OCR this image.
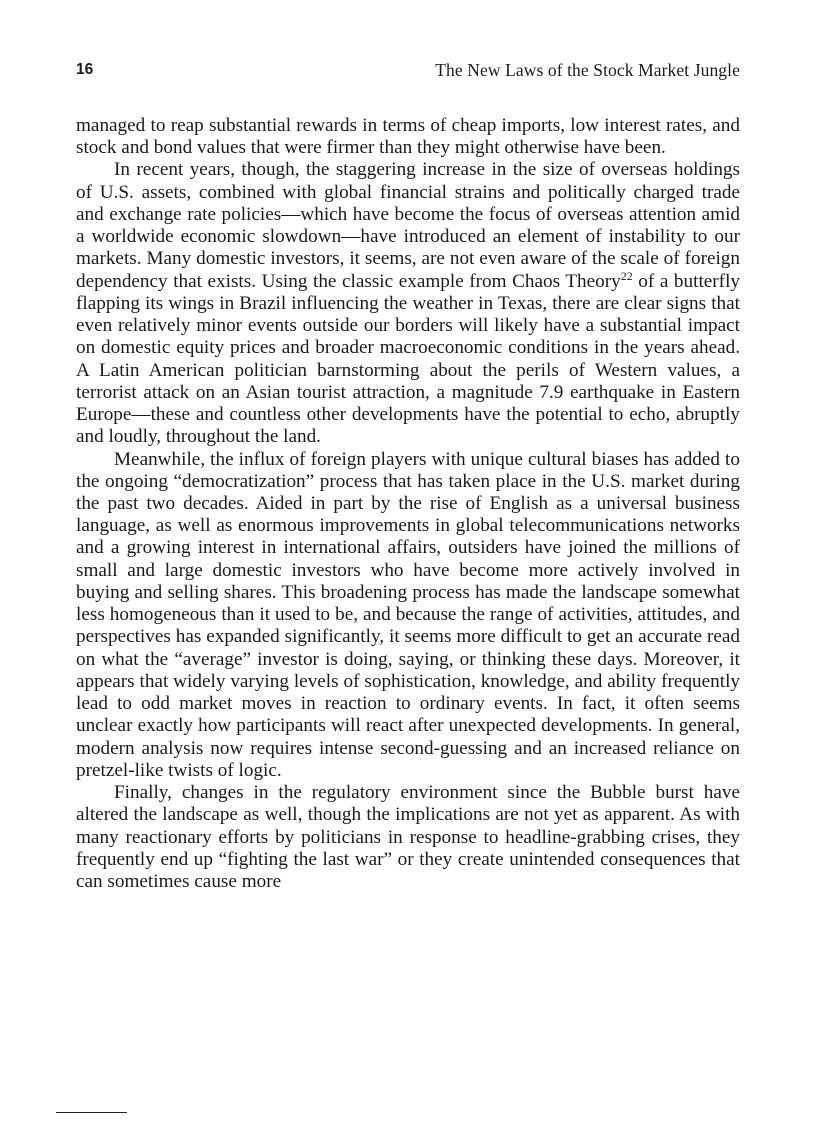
16	The New Laws of the Stock Market Jungle

managed to reap substantial rewards in terms of cheap imports, low interest rates, and stock and bond values that were firmer than they might otherwise have been.

In recent years, though, the staggering increase in the size of overseas holdings of U.S. assets, combined with global financial strains and politically charged trade and exchange rate policies—which have become the focus of overseas attention amid a worldwide economic slowdown—have introduced an element of instability to our markets. Many domestic investors, it seems, are not even aware of the scale of foreign dependency that exists. Using the classic example from Chaos Theory$^{22}$ of a butterfly flapping its wings in Brazil influencing the weather in Texas, there are clear signs that even relatively minor events outside our borders will likely have a substantial impact on domestic equity prices and broader macroeconomic conditions in the years ahead. A Latin American politician barnstorming about the perils of Western values, a terrorist attack on an Asian tourist attraction, a magnitude 7.9 earthquake in Eastern Europe—these and countless other developments have the potential to echo, abruptly and loudly, throughout the land.

Meanwhile, the influx of foreign players with unique cultural biases has added to the ongoing “democratization” process that has taken place in the U.S. market during the past two decades. Aided in part by the rise of English as a universal business language, as well as enormous improvements in global telecommunications networks and a growing interest in international affairs, outsiders have joined the millions of small and large domestic investors who have become more actively involved in buying and selling shares. This broadening process has made the landscape somewhat less homogeneous than it used to be, and because the range of activities, attitudes, and perspectives has expanded significantly, it seems more difficult to get an accurate read on what the “average” investor is doing, saying, or thinking these days. Moreover, it appears that widely varying levels of sophistication, knowledge, and ability frequently lead to odd market moves in reaction to ordinary events. In fact, it often seems unclear exactly how participants will react after unexpected developments. In general, modern analysis now requires intense second-guessing and an increased reliance on pretzel-like twists of logic.

Finally, changes in the regulatory environment since the Bubble burst have altered the landscape as well, though the implications are not yet as apparent. As with many reactionary efforts by politicians in response to headline-grabbing crises, they frequently end up “fighting the last war” or they create unintended consequences that can sometimes cause more
